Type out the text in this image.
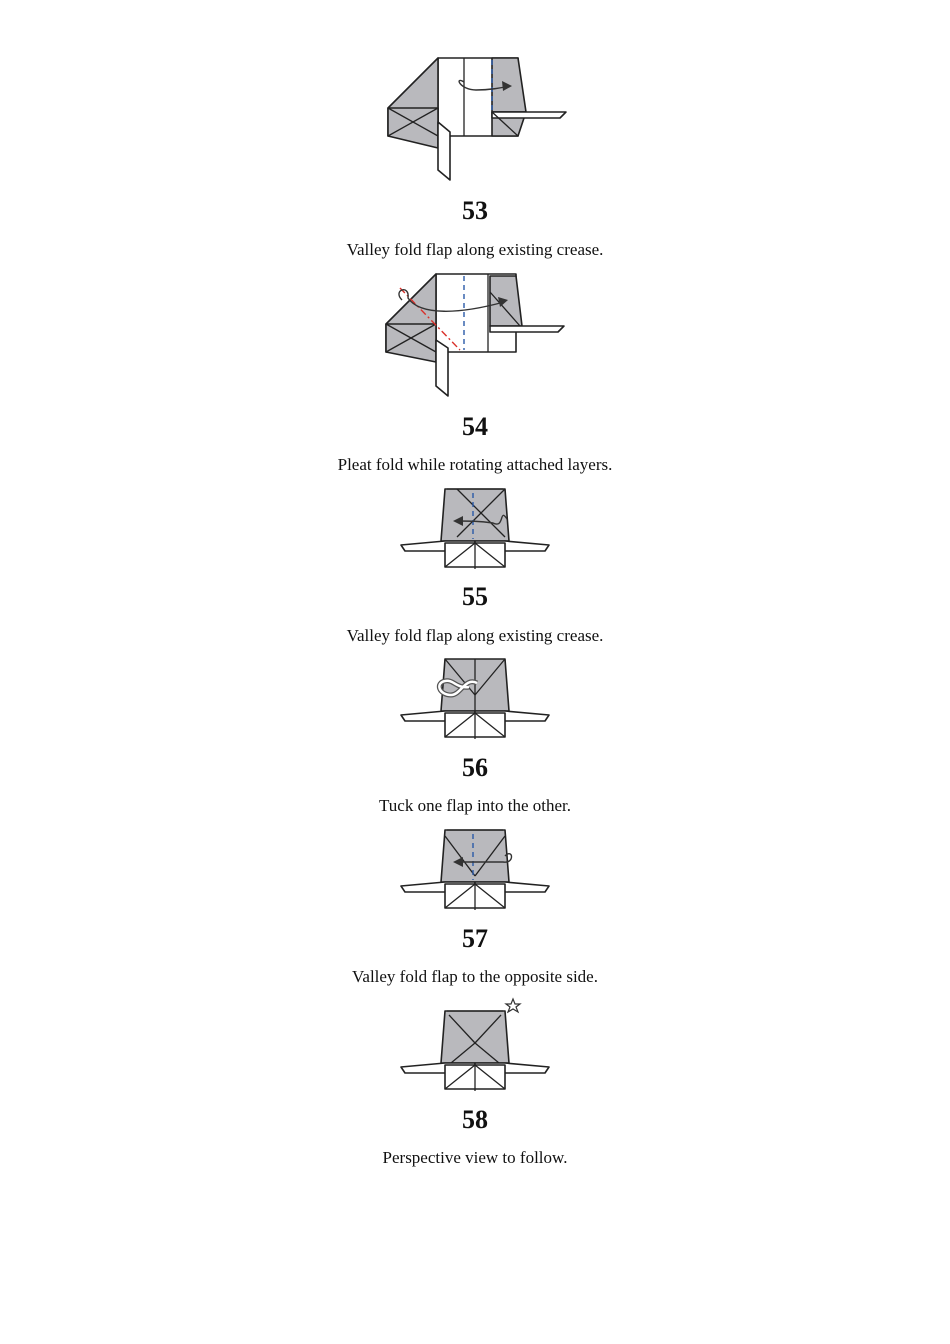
53
Valley fold flap along existing crease.
54
Pleat fold while rotating attached layers.
55
Valley fold flap along existing crease.
56
Tuck one flap into the other.
57
Valley fold flap to the opposite side.
58
Perspective view to follow.
